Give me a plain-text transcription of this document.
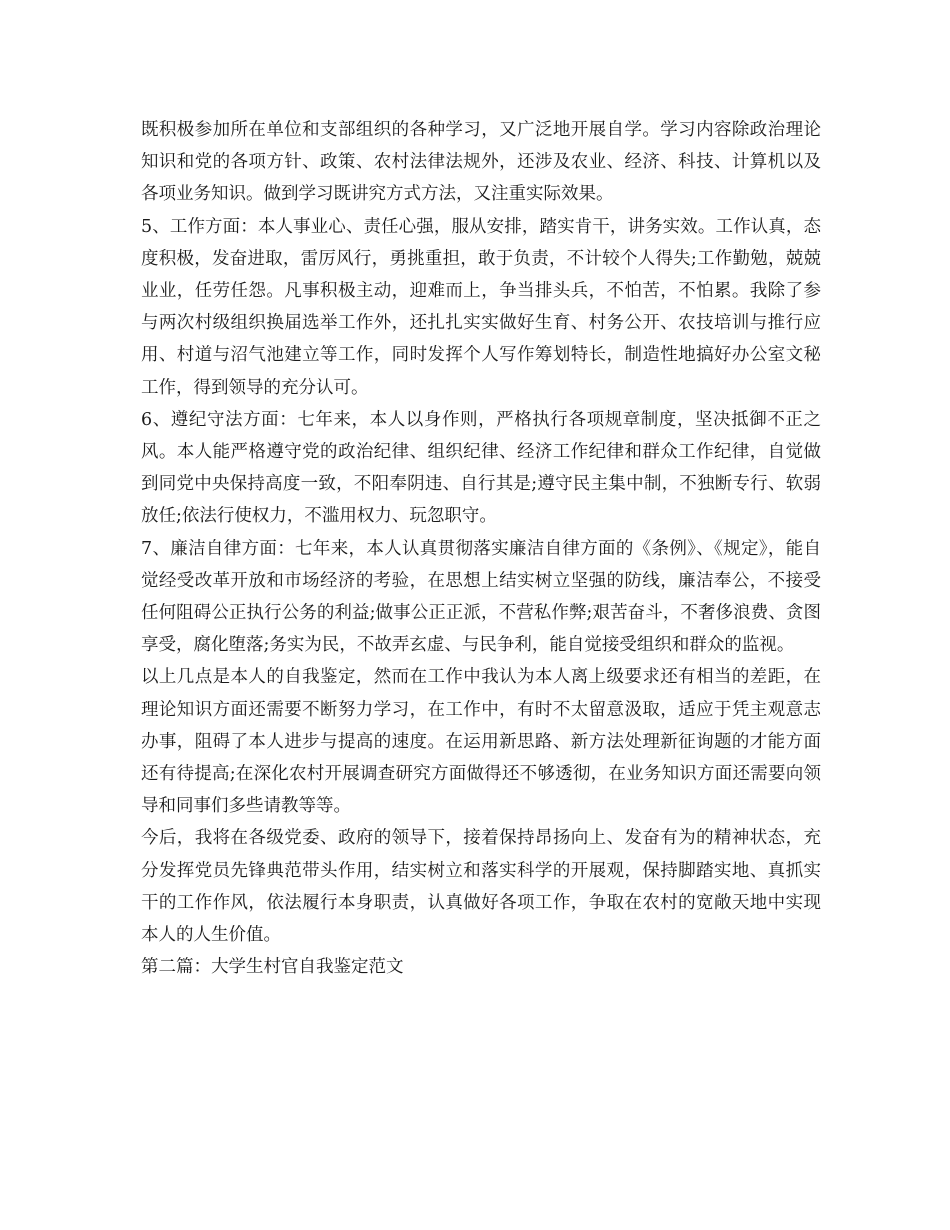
既积极参加所在单位和支部组织的各种学习，又广泛地开展自学。学习内容除政治理论知识和党的各项方针、政策、农村法律法规外，还涉及农业、经济、科技、计算机以及各项业务知识。做到学习既讲究方式方法，又注重实际效果。

5、工作方面：本人事业心、责任心强，服从安排，踏实肯干，讲务实效。工作认真，态度积极，发奋进取，雷厉风行，勇挑重担，敢于负责，不计较个人得失;工作勤勉，兢兢业业，任劳任怨。凡事积极主动，迎难而上，争当排头兵，不怕苦，不怕累。我除了参与两次村级组织换届选举工作外，还扎扎实实做好生育、村务公开、农技培训与推行应用、村道与沼气池建立等工作，同时发挥个人写作筹划特长，制造性地搞好办公室文秘工作，得到领导的充分认可。

6、遵纪守法方面：七年来，本人以身作则，严格执行各项规章制度，坚决抵御不正之风。本人能严格遵守党的政治纪律、组织纪律、经济工作纪律和群众工作纪律，自觉做到同党中央保持高度一致，不阳奉阴违、自行其是;遵守民主集中制，不独断专行、软弱放任;依法行使权力，不滥用权力、玩忽职守。

7、廉洁自律方面：七年来，本人认真贯彻落实廉洁自律方面的《条例》、《规定》，能自觉经受改革开放和市场经济的考验，在思想上结实树立坚强的防线，廉洁奉公，不接受任何阻碍公正执行公务的利益;做事公正正派，不营私作弊;艰苦奋斗，不奢侈浪费、贪图享受，腐化堕落;务实为民，不故弄玄虚、与民争利，能自觉接受组织和群众的监视。

以上几点是本人的自我鉴定，然而在工作中我认为本人离上级要求还有相当的差距，在理论知识方面还需要不断努力学习，在工作中，有时不太留意汲取，适应于凭主观意志办事，阻碍了本人进步与提高的速度。在运用新思路、新方法处理新征询题的才能方面还有待提高;在深化农村开展调查研究方面做得还不够透彻，在业务知识方面还需要向领导和同事们多些请教等等。

今后，我将在各级党委、政府的领导下，接着保持昂扬向上、发奋有为的精神状态，充分发挥党员先锋典范带头作用，结实树立和落实科学的开展观，保持脚踏实地、真抓实干的工作作风，依法履行本身职责，认真做好各项工作，争取在农村的宽敞天地中实现本人的人生价值。

第二篇：大学生村官自我鉴定范文
